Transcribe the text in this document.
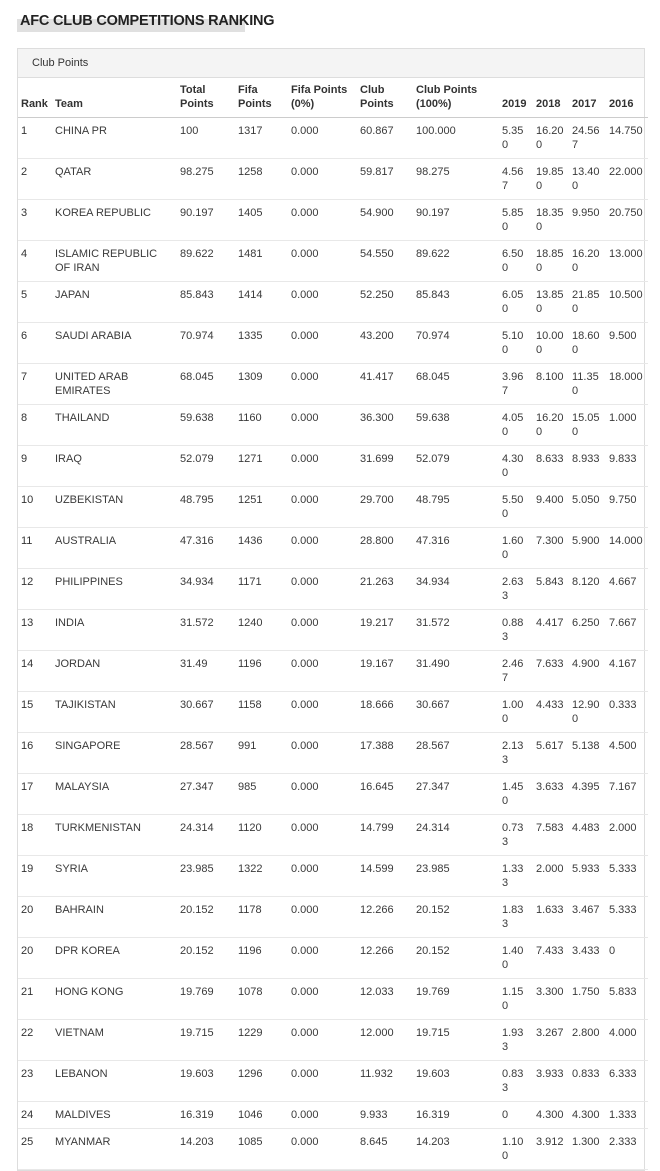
AFC CLUB COMPETITIONS RANKING
Club Points
Rank	Team	Total Points	Fifa Points	Fifa Points (0%)	Club Points	Club Points (100%)	2019	2018	2017	2016
1	CHINA PR	100	1317	0.000	60.867	100.000	5.350	16.200	24.567	14.750
2	QATAR	98.275	1258	0.000	59.817	98.275	4.567	19.850	13.400	22.000
3	KOREA REPUBLIC	90.197	1405	0.000	54.900	90.197	5.850	18.350	9.950	20.750
4	ISLAMIC REPUBLIC OF IRAN	89.622	1481	0.000	54.550	89.622	6.500	18.850	16.200	13.000
5	JAPAN	85.843	1414	0.000	52.250	85.843	6.050	13.850	21.850	10.500
6	SAUDI ARABIA	70.974	1335	0.000	43.200	70.974	5.100	10.000	18.600	9.500
7	UNITED ARAB EMIRATES	68.045	1309	0.000	41.417	68.045	3.967	8.100	11.350	18.000
8	THAILAND	59.638	1160	0.000	36.300	59.638	4.050	16.200	15.050	1.000
9	IRAQ	52.079	1271	0.000	31.699	52.079	4.300	8.633	8.933	9.833
10	UZBEKISTAN	48.795	1251	0.000	29.700	48.795	5.500	9.400	5.050	9.750
11	AUSTRALIA	47.316	1436	0.000	28.800	47.316	1.600	7.300	5.900	14.000
12	PHILIPPINES	34.934	1171	0.000	21.263	34.934	2.633	5.843	8.120	4.667
13	INDIA	31.572	1240	0.000	19.217	31.572	0.883	4.417	6.250	7.667
14	JORDAN	31.49	1196	0.000	19.167	31.490	2.467	7.633	4.900	4.167
15	TAJIKISTAN	30.667	1158	0.000	18.666	30.667	1.000	4.433	12.900	0.333
16	SINGAPORE	28.567	991	0.000	17.388	28.567	2.133	5.617	5.138	4.500
17	MALAYSIA	27.347	985	0.000	16.645	27.347	1.450	3.633	4.395	7.167
18	TURKMENISTAN	24.314	1120	0.000	14.799	24.314	0.733	7.583	4.483	2.000
19	SYRIA	23.985	1322	0.000	14.599	23.985	1.333	2.000	5.933	5.333
20	BAHRAIN	20.152	1178	0.000	12.266	20.152	1.833	1.633	3.467	5.333
20	DPR KOREA	20.152	1196	0.000	12.266	20.152	1.400	7.433	3.433	0
21	HONG KONG	19.769	1078	0.000	12.033	19.769	1.150	3.300	1.750	5.833
22	VIETNAM	19.715	1229	0.000	12.000	19.715	1.933	3.267	2.800	4.000
23	LEBANON	19.603	1296	0.000	11.932	19.603	0.833	3.933	0.833	6.333
24	MALDIVES	16.319	1046	0.000	9.933	16.319	0	4.300	4.300	1.333
25	MYANMAR	14.203	1085	0.000	8.645	14.203	1.100	3.912	1.300	2.333
